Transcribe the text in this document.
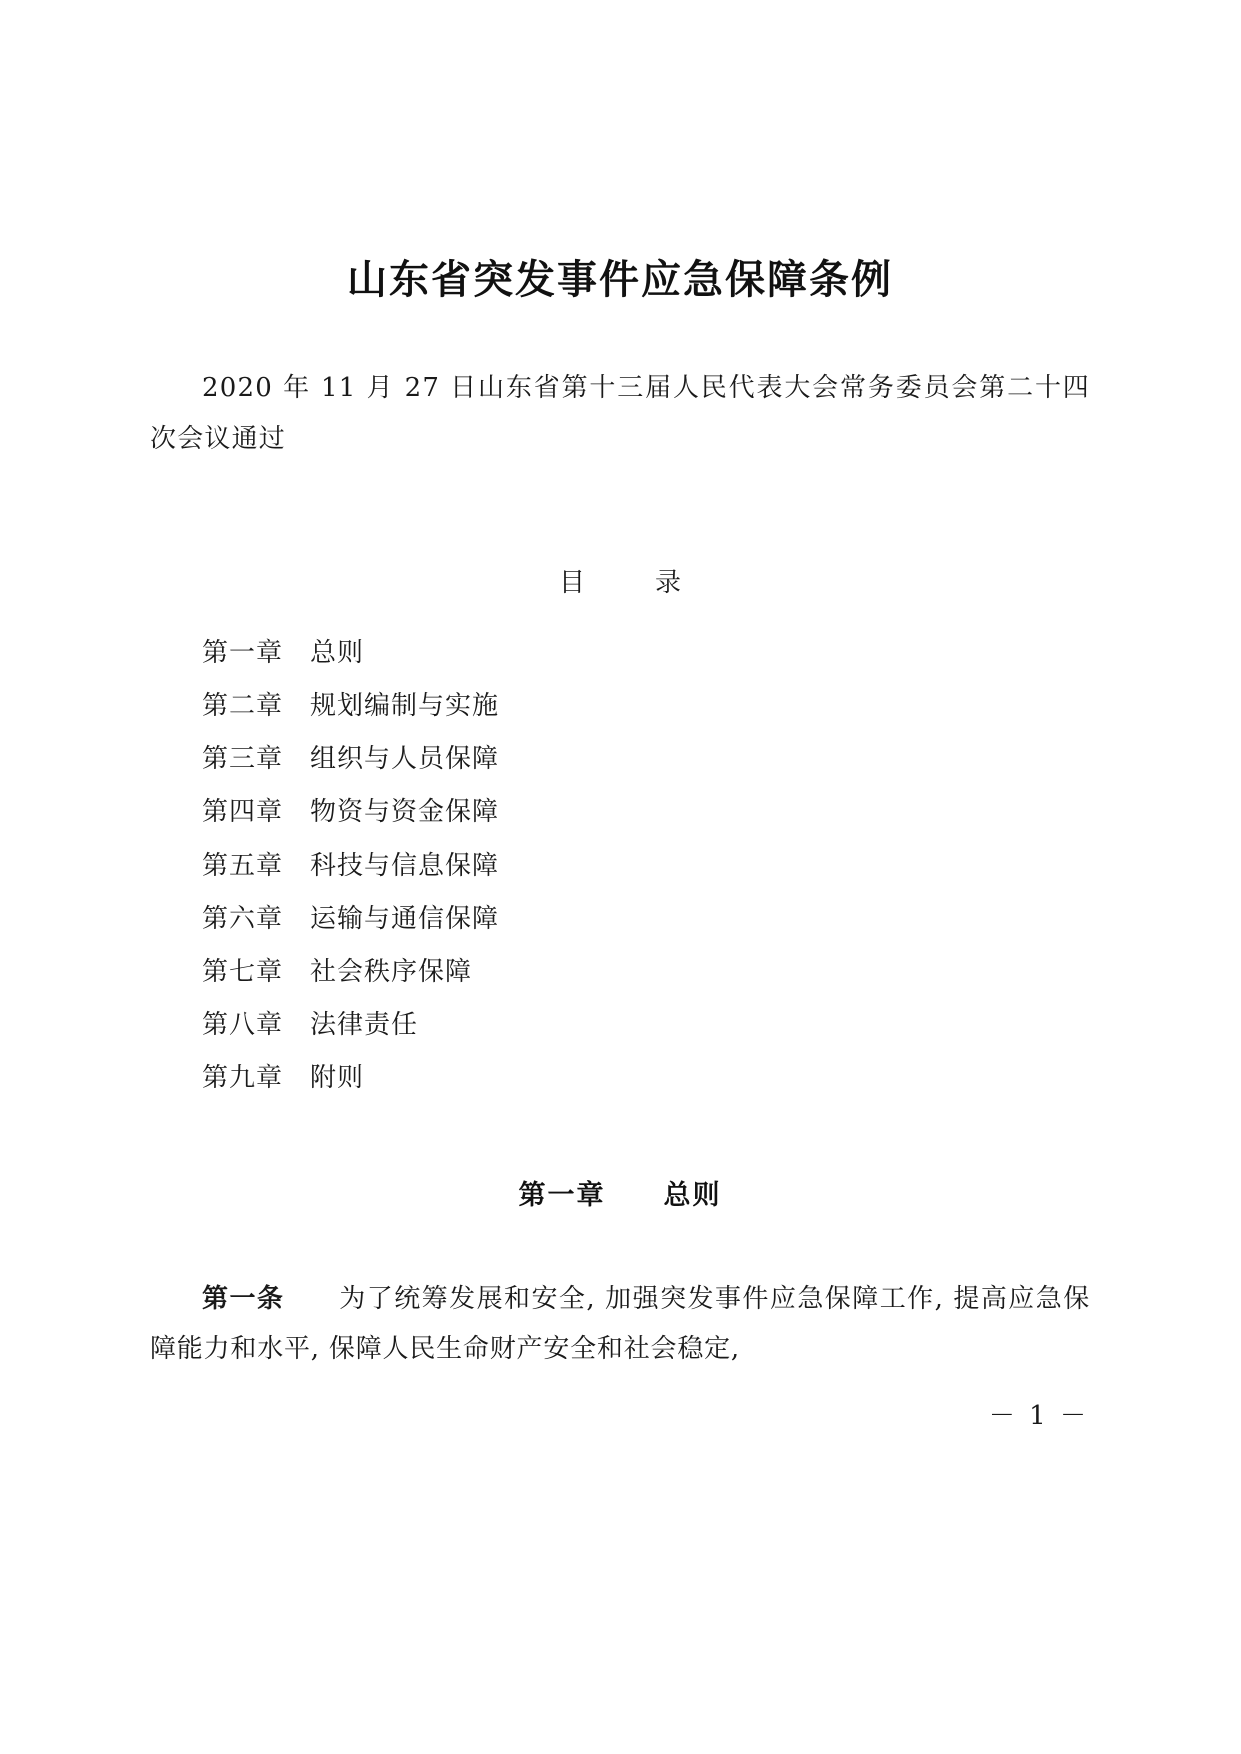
山东省突发事件应急保障条例

2020 年 11 月 27 日山东省第十三届人民代表大会常务委员会第二十四次会议通过

目　录
第一章　总则
第二章　规划编制与实施
第三章　组织与人员保障
第四章　物资与资金保障
第五章　科技与信息保障
第六章　运输与通信保障
第七章　社会秩序保障
第八章　法律责任
第九章　附则
第一章　　总则

第一条　　 为了统筹发展和安全, 加强突发事件应急保障工作, 提高应急保障能力和水平, 保障人民生命财产安全和社会稳定,

－ 1 －
